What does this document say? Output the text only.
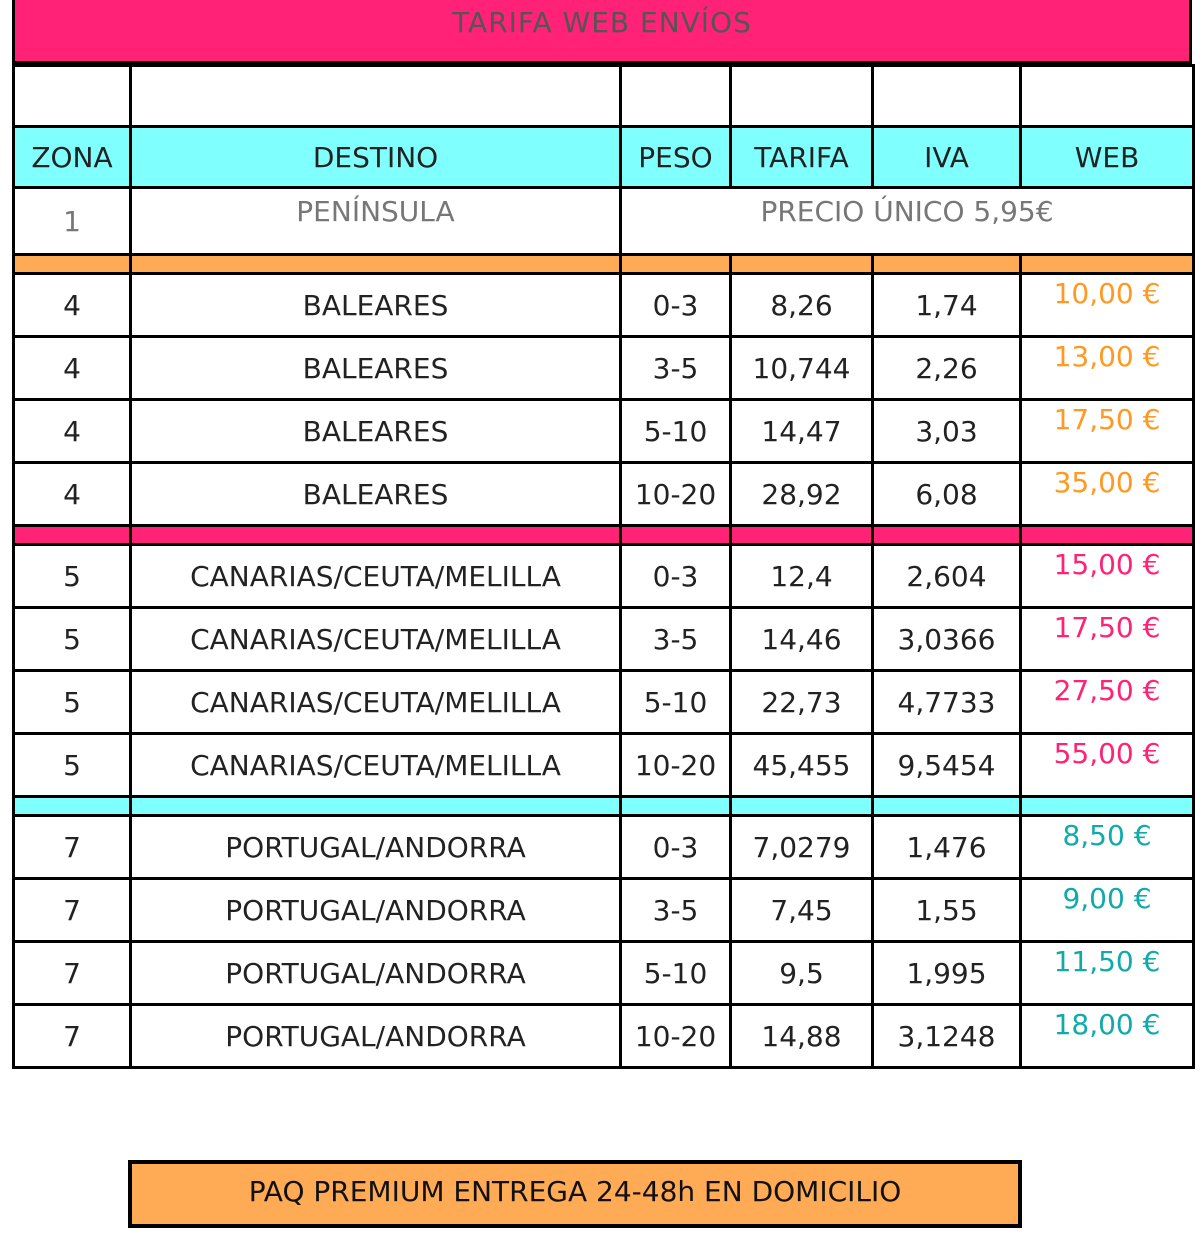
TARIFA WEB ENVÍOS

ZONA	DESTINO	PESO	TARIFA	IVA	WEB
1	PENÍNSULA	PRECIO ÚNICO 5,95€			

4	BALEARES	0-3	8,26	1,74	10,00 €
4	BALEARES	3-5	10,744	2,26	13,00 €
4	BALEARES	5-10	14,47	3,03	17,50 €
4	BALEARES	10-20	28,92	6,08	35,00 €

5	CANARIAS/CEUTA/MELILLA	0-3	12,4	2,604	15,00 €
5	CANARIAS/CEUTA/MELILLA	3-5	14,46	3,0366	17,50 €
5	CANARIAS/CEUTA/MELILLA	5-10	22,73	4,7733	27,50 €
5	CANARIAS/CEUTA/MELILLA	10-20	45,455	9,5454	55,00 €

7	PORTUGAL/ANDORRA	0-3	7,0279	1,476	8,50 €
7	PORTUGAL/ANDORRA	3-5	7,45	1,55	9,00 €
7	PORTUGAL/ANDORRA	5-10	9,5	1,995	11,50 €
7	PORTUGAL/ANDORRA	10-20	14,88	3,1248	18,00 €
PAQ PREMIUM ENTREGA 24-48h EN DOMICILIO
